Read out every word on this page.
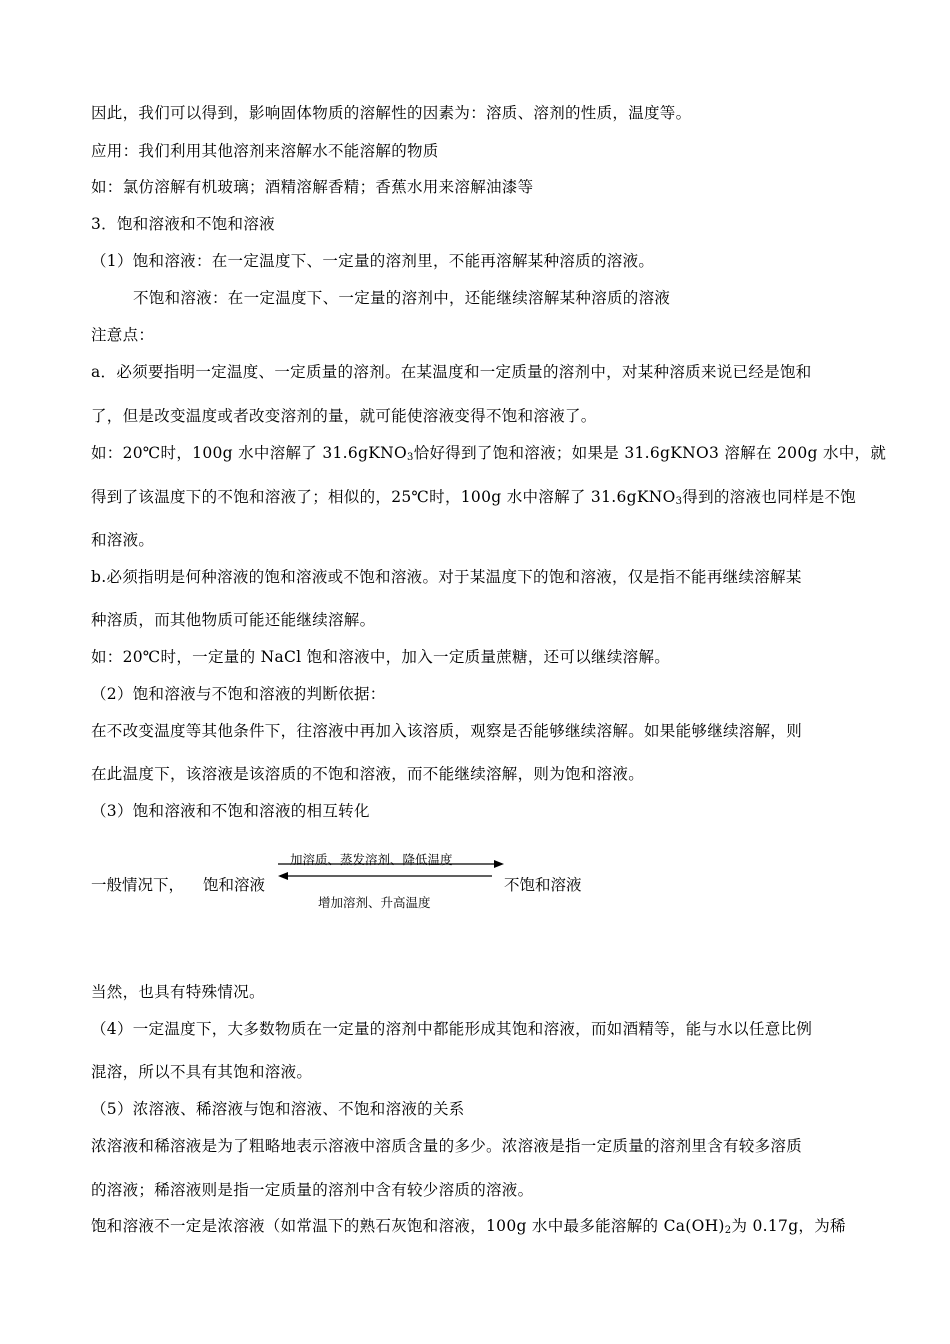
因此，我们可以得到，影响固体物质的溶解性的因素为：溶质、溶剂的性质，温度等。
应用：我们利用其他溶剂来溶解水不能溶解的物质
如：氯仿溶解有机玻璃；酒精溶解香精；香蕉水用来溶解油漆等
3．饱和溶液和不饱和溶液
（1）饱和溶液：在一定温度下、一定量的溶剂里，不能再溶解某种溶质的溶液。
不饱和溶液：在一定温度下、一定量的溶剂中，还能继续溶解某种溶质的溶液
注意点：
a．必须要指明一定温度、一定质量的溶剂。在某温度和一定质量的溶剂中，对某种溶质来说已经是饱和
了，但是改变温度或者改变溶剂的量，就可能使溶液变得不饱和溶液了。
如：20℃时，100g 水中溶解了 31.6gKNO$_3$恰好得到了饱和溶液；如果是 31.6gKNO3 溶解在 200g 水中，就
得到了该温度下的不饱和溶液了；相似的，25℃时，100g 水中溶解了 31.6gKNO$_3$得到的溶液也同样是不饱
和溶液。
b.必须指明是何种溶液的饱和溶液或不饱和溶液。对于某温度下的饱和溶液，仅是指不能再继续溶解某
种溶质，而其他物质可能还能继续溶解。
如：20℃时，一定量的 NaCl 饱和溶液中，加入一定质量蔗糖，还可以继续溶解。
（2）饱和溶液与不饱和溶液的判断依据：
在不改变温度等其他条件下，往溶液中再加入该溶质，观察是否能够继续溶解。如果能够继续溶解，则
在此温度下，该溶液是该溶质的不饱和溶液，而不能继续溶解，则为饱和溶液。
（3）饱和溶液和不饱和溶液的相互转化
一般情况下， 饱和溶液	不饱和溶液
加溶质、蒸发溶剂、降低温度
增加溶剂、升高温度
当然，也具有特殊情况。
（4）一定温度下，大多数物质在一定量的溶剂中都能形成其饱和溶液，而如酒精等，能与水以任意比例
混溶，所以不具有其饱和溶液。
（5）浓溶液、稀溶液与饱和溶液、不饱和溶液的关系
浓溶液和稀溶液是为了粗略地表示溶液中溶质含量的多少。浓溶液是指一定质量的溶剂里含有较多溶质
的溶液；稀溶液则是指一定质量的溶剂中含有较少溶质的溶液。
饱和溶液不一定是浓溶液（如常温下的熟石灰饱和溶液，100g 水中最多能溶解的 $Ca(OH)_2$为 0.17g，为稀
